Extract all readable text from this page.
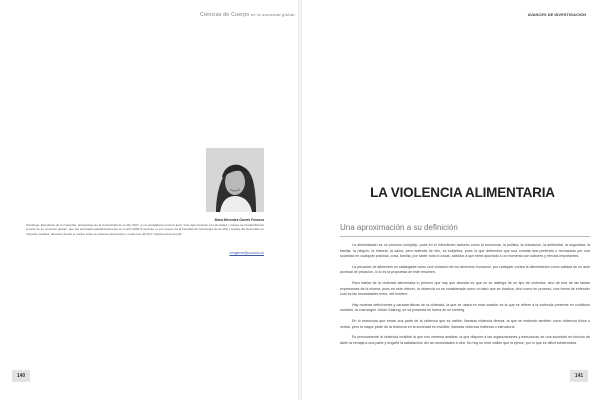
Ciencias de Cuerpo en la sociedad global
María Mercedes Garcés Fonseca
Sociólogo. Estudiante de la Colombia, antropólogo de la Universidad de el año 2007, en la actualidad prensa la tesis "Una aproximación a la identidad y cultura de Ciudad Bolívar a partir de su consumo global", que fue aprobada satisfactoriamente en el año 2008 la docente en por tiempo de la Facultad de Sociología de la UDS y tesista del Doctorado en Ciencias sociales, dirección fuente el núcleo sobre la violencia alimentaria y cosas con del libro "Gastronomía sexual".
mmgarces@unal.edu.co
140
AVANCES DE INVESTIGACIÓN
141
LA VIOLENCIA ALIMENTARIA
Una aproximación a su definición

La alimentación es un proceso complejo, pues en el intervienen factores como la economía, la política, la educación, la ambiental, la seguridad, la familia, la religión, la historia, la salud, pero además de ello, es subjetiva, pues lo que determina que una comida sea preferida o rechazada por una sociedad en cualquier práctica, cosa, familia, por saber todo lo cosas, sabidos a que entra aportado a un momento con sabores y efectos importantes.

La privación de alimentos es catalogada como una violación de los derechos humanos, por cualquier contra la alimentación como calidad de un acto punitual de privación, lo lo es la propuesta de este resumen.

Para hablar de la violencia alimentaria lo primero que hay que abordar es que no se distinga de un tipo de violencia, sino de una de las tantas expresiones de la misma, pues en este ofrecer, la violencia no es considerada como un tabú que se focaliza, sino como en proceso, una forma de entender cuál es las necesidades entre, del hombre.

Hay muchas definiciones y características de la violencia, la que se usará en esta ocasión es la que se refiere a la violencia presente en conflictos sociales, la cual según Johan Galtung, se va presenta en forma de un iceberg.

En lo estructura que existe una parte de la violencia que es visible, llamada violencia directa, la que se entiende también como violencia física o verbal, pero la mayor parte de la violencia en la sociedad es invisible, llamada violencia indirecta o estructural.

Es precisamente la violencia invisible la que nos interesa analizar, la que dispone a las organizaciones y estructuras de una sociedad en función de darle la ventaja a una parte y engañe la satisfacción del as necesidades a otra. No hay un ente visible que la ejerce, por lo que es difícil evidenciarla.
